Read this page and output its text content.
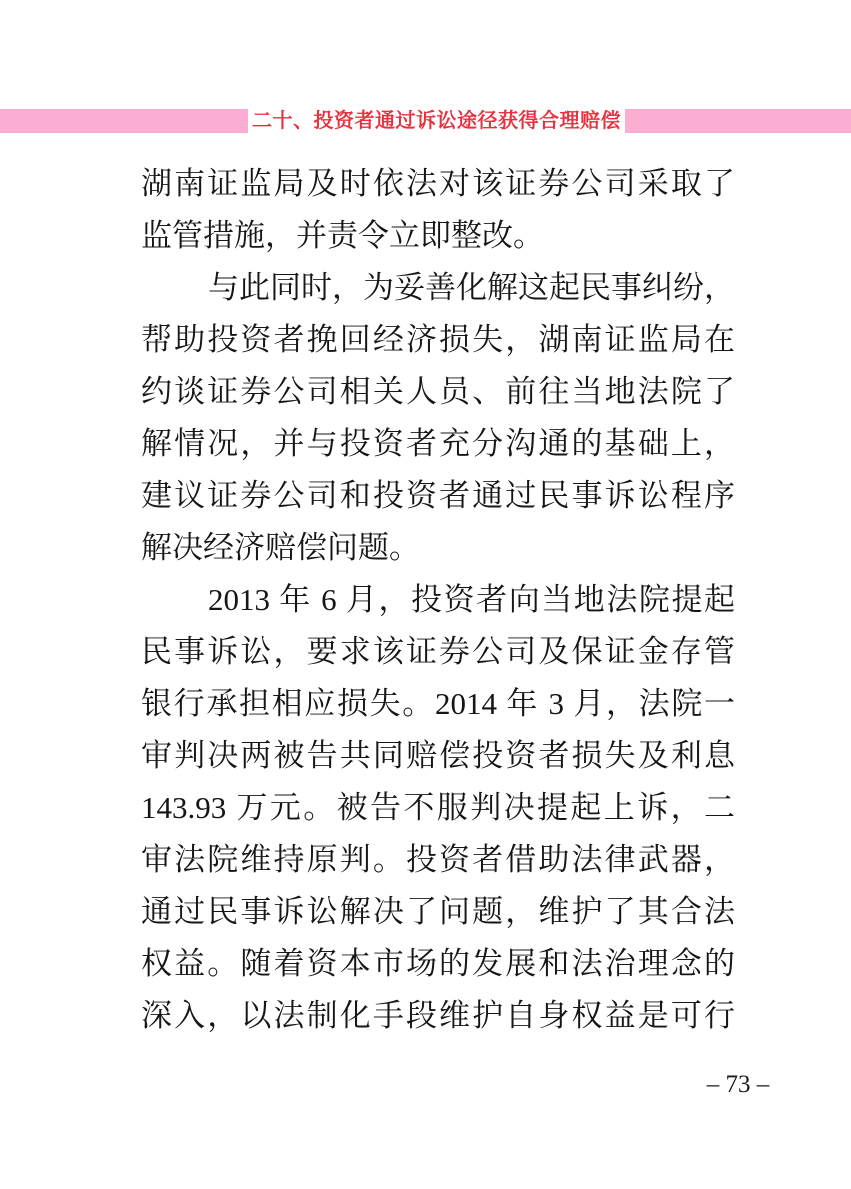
二十、投资者通过诉讼途径获得合理赔偿
湖南证监局及时依法对该证券公司采取了
监管措施，并责令立即整改。
与此同时，为妥善化解这起民事纠纷，
帮助投资者挽回经济损失，湖南证监局在
约谈证券公司相关人员、前往当地法院了
解情况，并与投资者充分沟通的基础上，
建议证券公司和投资者通过民事诉讼程序
解决经济赔偿问题。
2013 年 6 月，投资者向当地法院提起
民事诉讼，要求该证券公司及保证金存管
银行承担相应损失。2014 年 3 月，法院一
审判决两被告共同赔偿投资者损失及利息
143.93 万元。被告不服判决提起上诉，二
审法院维持原判。投资者借助法律武器，
通过民事诉讼解决了问题，维护了其合法
权益。随着资本市场的发展和法治理念的
深入，以法制化手段维护自身权益是可行
– 73 –
